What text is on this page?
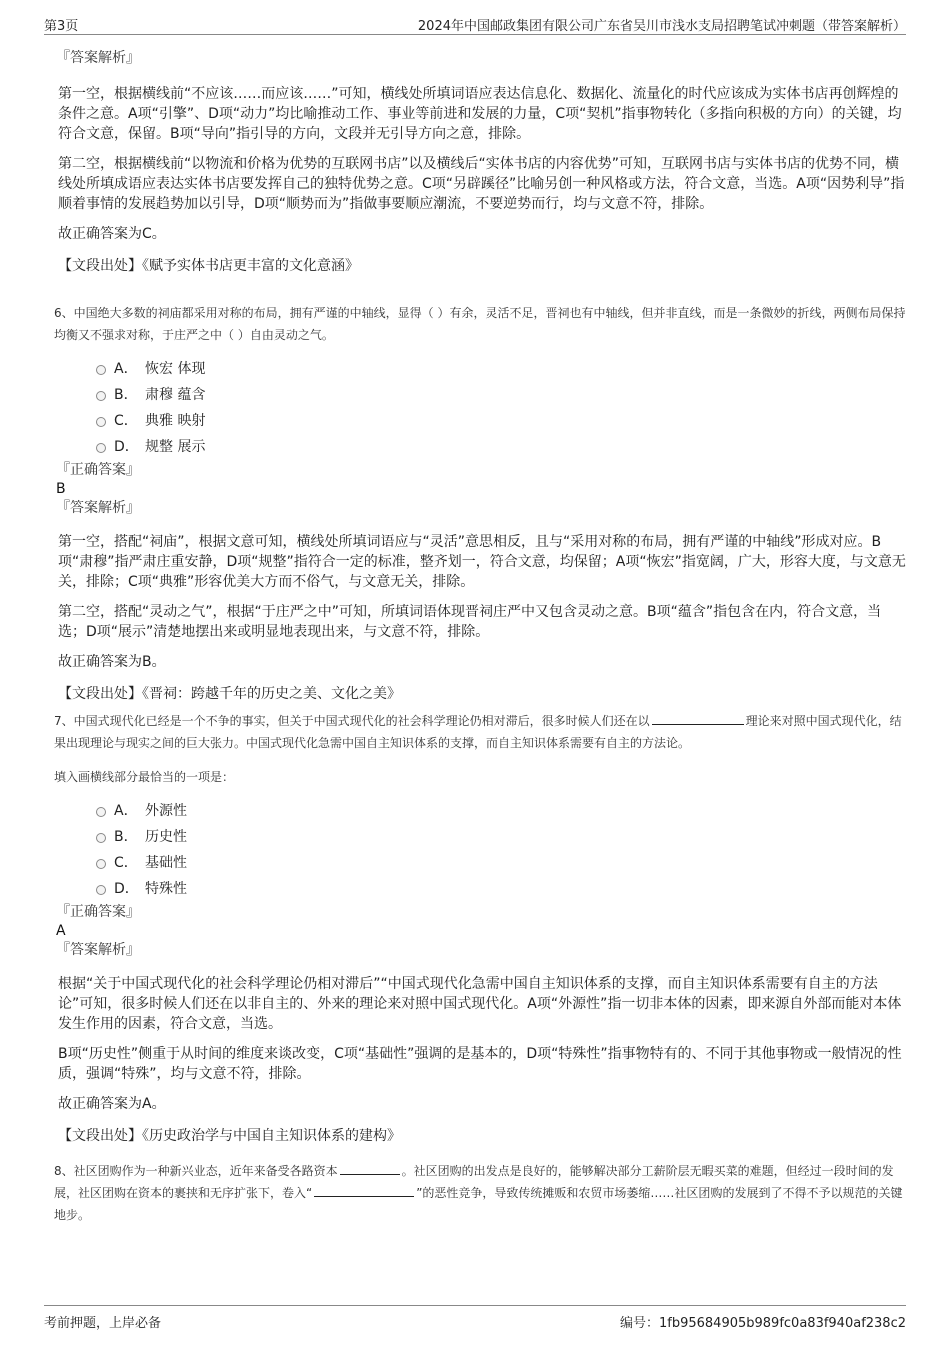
第3页	2024年中国邮政集团有限公司广东省吴川市浅水支局招聘笔试冲刺题（带答案解析）
『答案解析』

第一空，根据横线前“不应该……而应该……”可知，横线处所填词语应表达信息化、数据化、流量化的时代应该成为实体书店再创辉煌的条件之意。A项“引擎”、D项“动力”均比喻推动工作、事业等前进和发展的力量，C项“契机”指事物转化（多指向积极的方向）的关键，均符合文意，保留。B项“导向”指引导的方向，文段并无引导方向之意，排除。

第二空，根据横线前“以物流和价格为优势的互联网书店”以及横线后“实体书店的内容优势”可知，互联网书店与实体书店的优势不同，横线处所填成语应表达实体书店要发挥自己的独特优势之意。C项“另辟蹊径”比喻另创一种风格或方法，符合文意，当选。A项“因势利导”指顺着事情的发展趋势加以引导，D项“顺势而为”指做事要顺应潮流，不要逆势而行，均与文意不符，排除。

故正确答案为C。

【文段出处】《赋予实体书店更丰富的文化意涵》

6、中国绝大多数的祠庙都采用对称的布局，拥有严谨的中轴线，显得（ ）有余，灵活不足，晋祠也有中轴线，但并非直线，而是一条微妙的折线，两侧布局保持均衡又不强求对称，于庄严之中（ ）自由灵动之气。

A． 恢宏 体现
B． 肃穆 蕴含
C． 典雅 映射
D． 规整 展示
『正确答案』
B
『答案解析』

第一空，搭配“祠庙”，根据文意可知，横线处所填词语应与“灵活”意思相反，且与“采用对称的布局，拥有严谨的中轴线”形成对应。B项“肃穆”指严肃庄重安静，D项“规整”指符合一定的标准，整齐划一，符合文意，均保留；A项“恢宏”指宽阔，广大，形容大度，与文意无关，排除；C项“典雅”形容优美大方而不俗气，与文意无关，排除。

第二空，搭配“灵动之气”，根据“于庄严之中”可知，所填词语体现晋祠庄严中又包含灵动之意。B项“蕴含”指包含在内，符合文意，当选；D项“展示”清楚地摆出来或明显地表现出来，与文意不符，排除。

故正确答案为B。

【文段出处】《晋祠：跨越千年的历史之美、文化之美》

7、中国式现代化已经是一个不争的事实，但关于中国式现代化的社会科学理论仍相对滞后，很多时候人们还在以	理论来对照中国式现代化，结果出现理论与现实之间的巨大张力。中国式现代化急需中国自主知识体系的支撑，而自主知识体系需要有自主的方法论。

填入画横线部分最恰当的一项是：

A． 外源性
B． 历史性
C． 基础性
D． 特殊性
『正确答案』
A
『答案解析』

根据“关于中国式现代化的社会科学理论仍相对滞后”“中国式现代化急需中国自主知识体系的支撑，而自主知识体系需要有自主的方法论”可知，很多时候人们还在以非自主的、外来的理论来对照中国式现代化。A项“外源性”指一切非本体的因素，即来源自外部而能对本体发生作用的因素，符合文意，当选。

B项“历史性”侧重于从时间的维度来谈改变，C项“基础性”强调的是基本的，D项“特殊性”指事物特有的、不同于其他事物或一般情况的性质，强调“特殊”，均与文意不符，排除。

故正确答案为A。

【文段出处】《历史政治学与中国自主知识体系的建构》

8、社区团购作为一种新兴业态，近年来备受各路资本	。社区团购的出发点是良好的，能够解决部分工薪阶层无暇买菜的难题，但经过一段时间的发展，社区团购在资本的裹挟和无序扩张下，卷入“	”的恶性竞争，导致传统摊贩和农贸市场萎缩……社区团购的发展到了不得不予以规范的关键地步。

考前押题，上岸必备	编号：1fb95684905b989fc0a83f940af238c2
